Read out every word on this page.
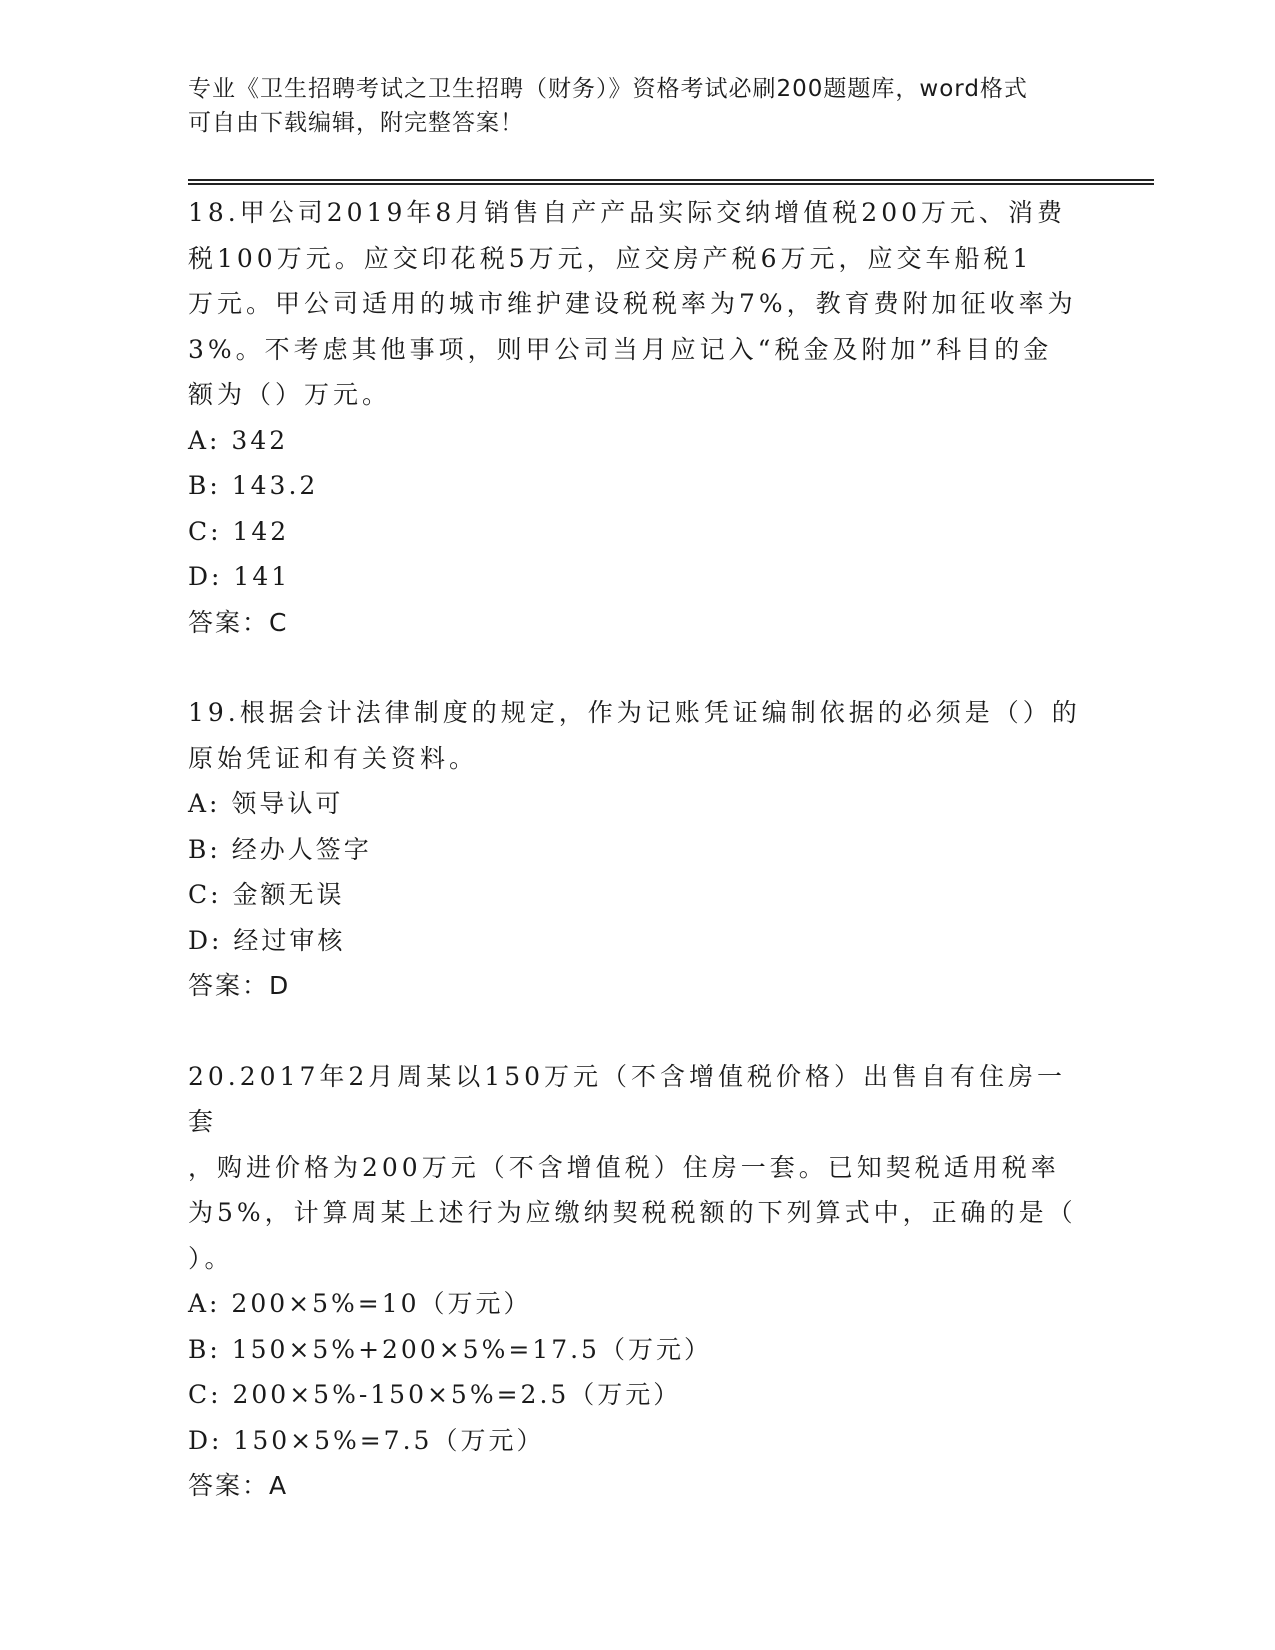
专业《卫生招聘考试之卫生招聘（财务）》资格考试必刷200题题库，word格式
可自由下载编辑，附完整答案！

18.甲公司2019年8月销售自产产品实际交纳增值税200万元、消费

税100万元。应交印花税5万元，应交房产税6万元，应交车船税1

万元。甲公司适用的城市维护建设税税率为7%，教育费附加征收率为

3%。不考虑其他事项，则甲公司当月应记入“税金及附加”科目的金

额为（）万元。

A: 342

B: 143.2

C: 142

D: 141

答案：C

19.根据会计法律制度的规定，作为记账凭证编制依据的必须是（）的

原始凭证和有关资料。

A: 领导认可

B: 经办人签字

C: 金额无误

D: 经过审核

答案：D

20.2017年2月周某以150万元（不含增值税价格）出售自有住房一套

，购进价格为200万元（不含增值税）住房一套。已知契税适用税率

为5%，计算周某上述行为应缴纳契税税额的下列算式中，正确的是（

）。

A: 200×5%=10（万元）

B: 150×5%+200×5%=17.5（万元）

C: 200×5%-150×5%=2.5（万元）

D: 150×5%=7.5（万元）

答案：A
